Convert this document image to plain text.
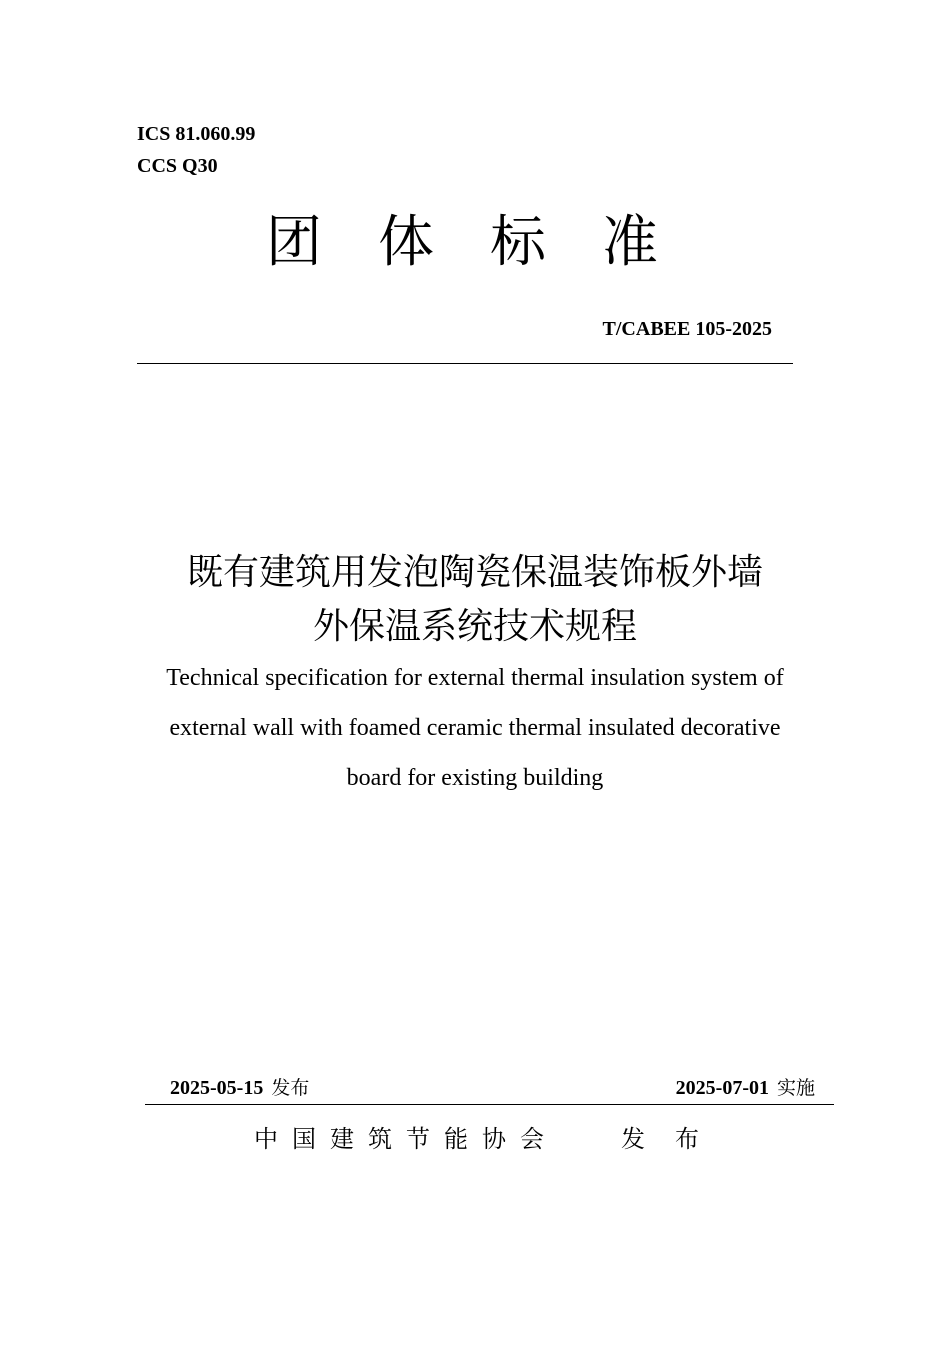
ICS 81.060.99
CCS Q30
团体标准
T/CABEE 105-2025
既有建筑用发泡陶瓷保温装饰板外墙
外保温系统技术规程
Technical specification for external thermal insulation system of
external wall with foamed ceramic thermal insulated decorative
board for existing building
2025-05-15 发布	2025-07-01 实施
中国建筑节能协会	发布
